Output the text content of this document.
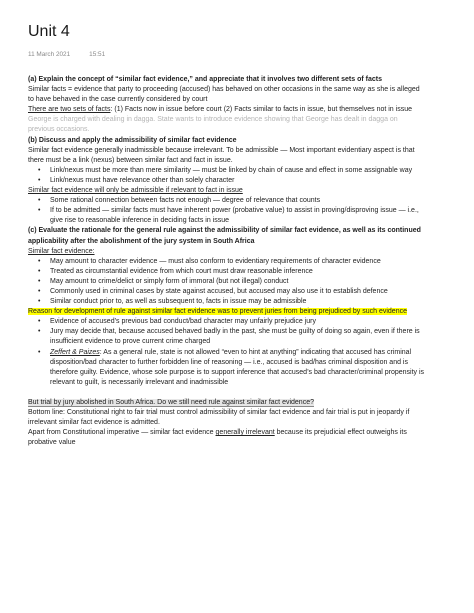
Unit 4
11 March 2021	15:51

(a) Explain the concept of “similar fact evidence,” and appreciate that it involves two different sets of facts

Similar facts = evidence that party to proceeding (accused) has behaved on other occasions in the same way as she is alleged to have behaved in the case currently considered by court

There are two sets of facts: (1) Facts now in issue before court (2) Facts similar to facts in issue, but themselves not in issue

George is charged with dealing in dagga. State wants to introduce evidence showing that George has dealt in dagga on previous occasions.

(b) Discuss and apply the admissibility of similar fact evidence

Similar fact evidence generally inadmissible because irrelevant. To be admissible — Most important evidentiary aspect is that there must be a link (nexus) between similar fact and fact in issue.

• Link/nexus must be more than mere similarity — must be linked by chain of cause and effect in some assignable way
• Link/nexus must have relevance other than solely character

Similar fact evidence will only be admissible if relevant to fact in issue

• Some rational connection between facts not enough — degree of relevance that counts
• If to be admitted — similar facts must have inherent power (probative value) to assist in proving/disproving issue — i.e., give rise to reasonable inference in deciding facts in issue

(c) Evaluate the rationale for the general rule against the admissibility of similar fact evidence, as well as its continued applicability after the abolishment of the jury system in South Africa

Similar fact evidence:

• May amount to character evidence — must also conform to evidentiary requirements of character evidence
• Treated as circumstantial evidence from which court must draw reasonable inference
• May amount to crime/delict or simply form of immoral (but not illegal) conduct
• Commonly used in criminal cases by state against accused, but accused may also use it to establish defence
• Similar conduct prior to, as well as subsequent to, facts in issue may be admissible

Reason for development of rule against similar fact evidence was to prevent juries from being prejudiced by such evidence

• Evidence of accused’s previous bad conduct/bad character may unfairly prejudice jury
• Jury may decide that, because accused behaved badly in the past, she must be guilty of doing so again, even if there is insufficient evidence to prove current crime charged
• Zeffert & Paizes: As a general rule, state is not allowed “even to hint at anything” indicating that accused has criminal disposition/bad character to further forbidden line of reasoning — i.e., accused is bad/has criminal disposition and is therefore guilty. Evidence, whose sole purpose is to support inference that accused’s bad character/criminal propensity is relevant to guilt, is necessarily irrelevant and inadmissible

But trial by jury abolished in South Africa. Do we still need rule against similar fact evidence?

Bottom line: Constitutional right to fair trial must control admissibility of similar fact evidence and fair trial is put in jeopardy if irrelevant similar fact evidence is admitted.

Apart from Constitutional imperative — similar fact evidence generally irrelevant because its prejudicial effect outweighs its probative value
